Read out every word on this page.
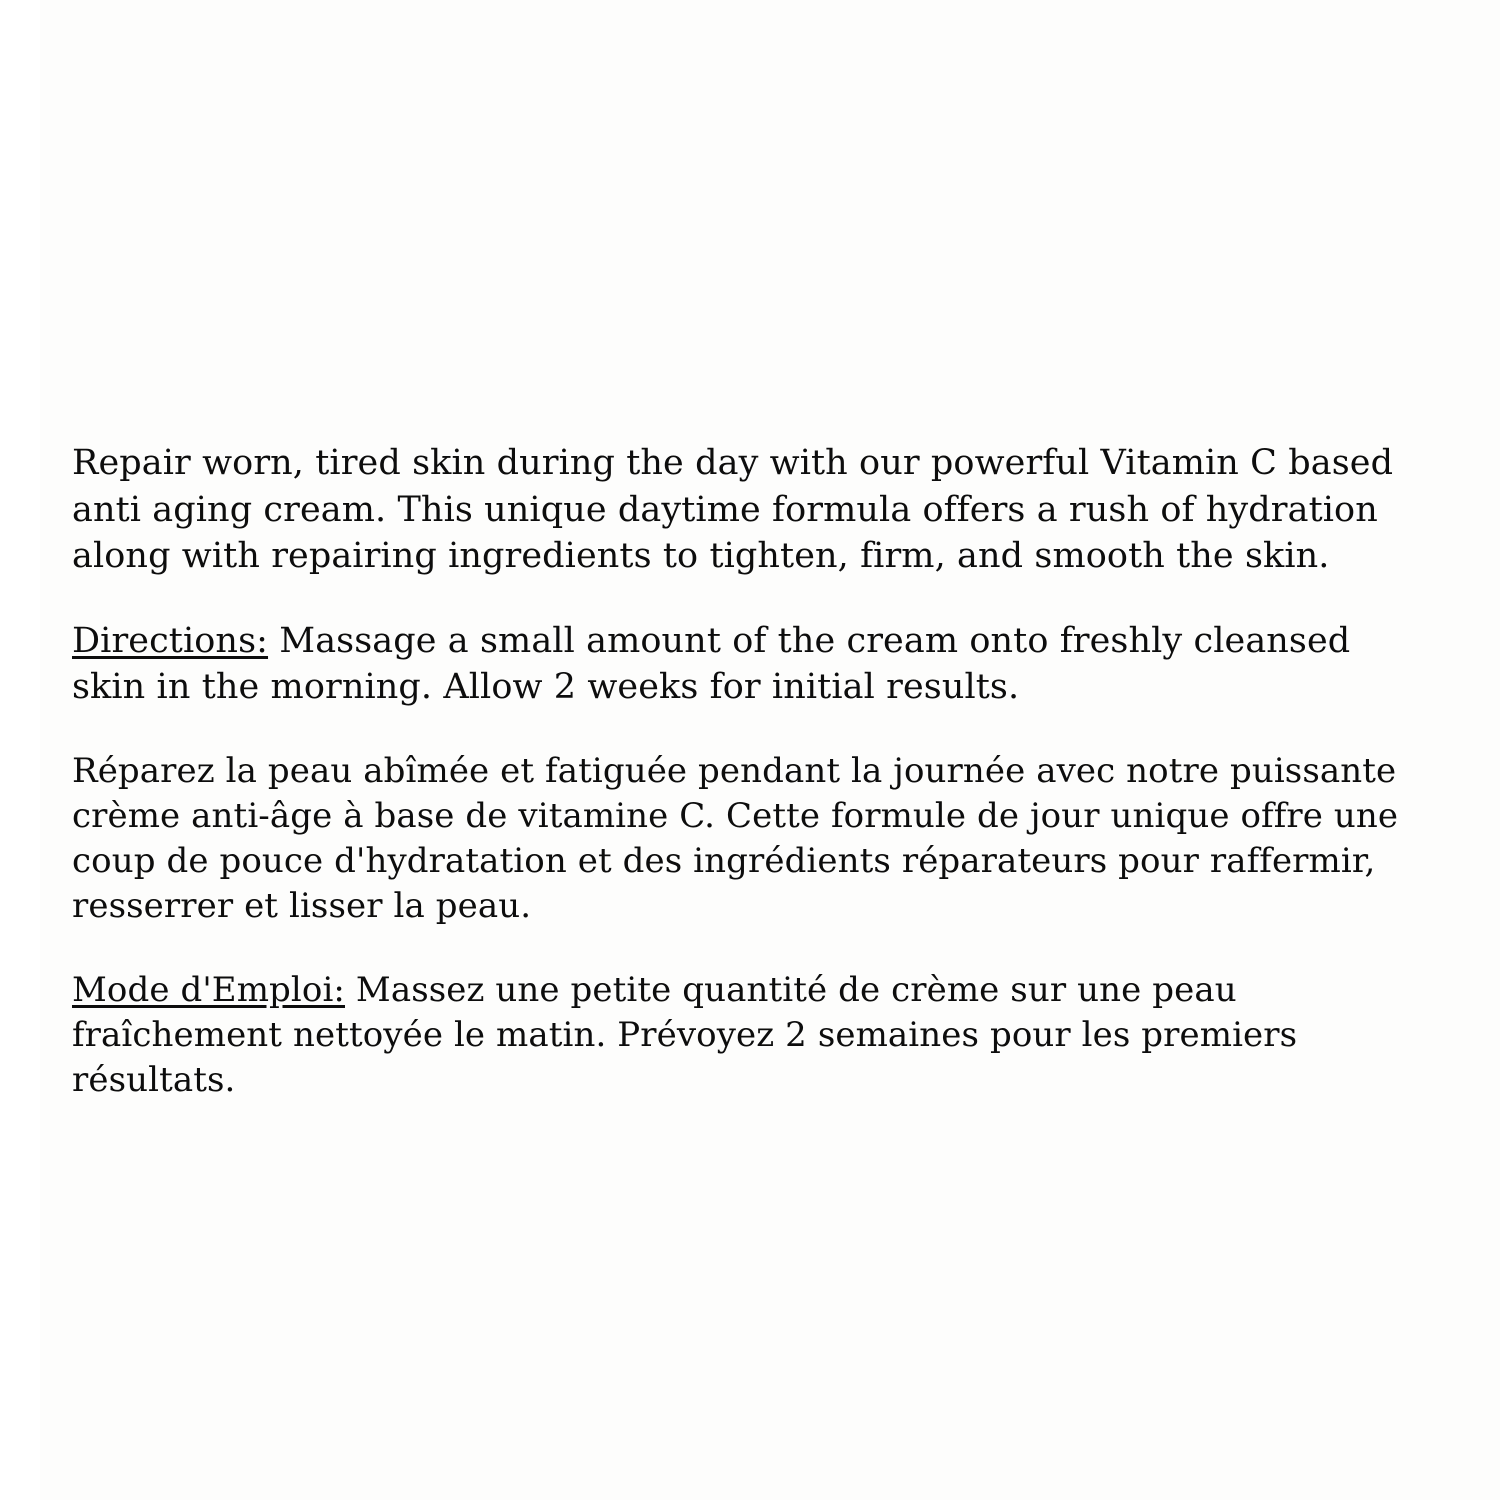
Repair worn, tired skin during the day with our powerful Vitamin C based anti aging cream. This unique daytime formula offers a rush of hydration along with repairing ingredients to tighten, firm, and smooth the skin.

Directions: Massage a small amount of the cream onto freshly cleansed skin in the morning. Allow 2 weeks for initial results.

Réparez la peau abîmée et fatiguée pendant la journée avec notre puissante crème anti-âge à base de vitamine C. Cette formule de jour unique offre une coup de pouce d'hydratation et des ingrédients réparateurs pour raffermir, resserrer et lisser la peau.

Mode d'Emploi: Massez une petite quantité de crème sur une peau fraîchement nettoyée le matin. Prévoyez 2 semaines pour les premiers résultats.
